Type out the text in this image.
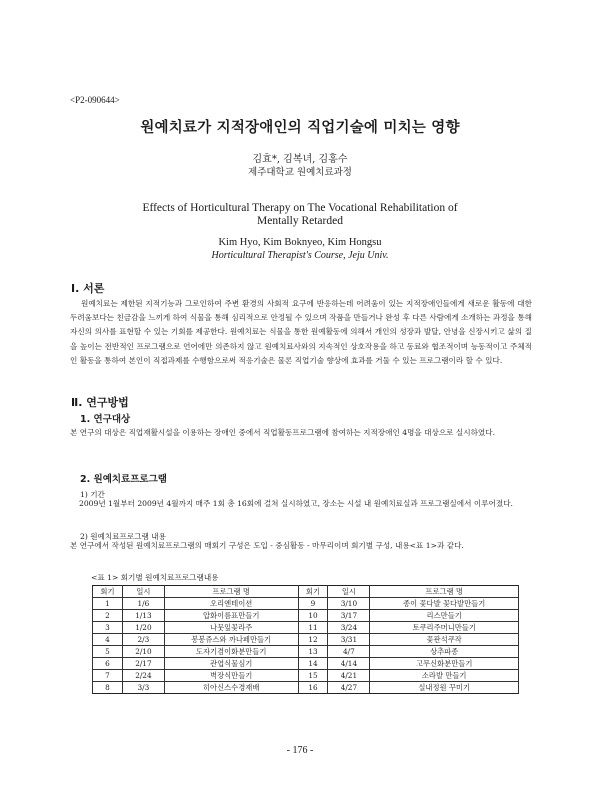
<P2-090644>
원예치료가 지적장애인의 직업기술에 미치는 영향
김효*, 김복녀, 김홍수
제주대학교 원예치료과정
Effects of Horticultural Therapy on The Vocational Rehabilitation of
Mentally Retarded
Kim Hyo, Kim Boknyeo, Kim Hongsu
Horticultural Therapist's Course, Jeju Univ.
Ⅰ. 서론
원예치료는 제한된 지적기능과 그로인하여 주변 환경의 사회적 요구에 반응하는데 어려움이 있는 지적장애인들에게 새로운 활동에 대한 두려움보다는 친금감을 느끼게 하여 식물을 통해 심리적으로 안정될 수 있으며 작품을 만들거나 완성 후 다른 사람에게 소개하는 과정을 통해 자신의 의사를 표현할 수 있는 기회를 제공한다. 원예치료는 식물을 통한 원예활동에 의해서 개인의 성장과 발달, 안녕을 신장시키고 삶의 질을 높이는 전반적인 프로그램으로 언어에만 의존하지 않고 원예치료사와의 지속적인 상호작용을 하고 동료와 협조적이며 능동적이고 주체적인 활동을 통하여 본인이 직접과제를 수행함으로써 적응기술은 물론 직업기술 향상에 효과를 거둘 수 있는 프로그램이라 할 수 있다.
Ⅱ. 연구방법
1. 연구대상
본 연구의 대상은 직업재활시설을 이용하는 장애인 중에서 직업활동프로그램에 참여하는 지적장애인 4명을 대상으로 실시하였다.
2. 원예치료프로그램
1) 기간
2009년 1월부터 2009년 4월까지 매주 1회 총 16회에 걸쳐 실시하였고, 장소는 시설 내 원예치료실과 프로그램실에서 이루어졌다.
2) 원예치료프로그램 내용
본 연구에서 작성된 원예치료프로그램의 매회기 구성은 도입 - 중심활동 - 마무리이며 회기별 구성, 내용<표 1>과 같다.
<표 1> 회기별 원예치료프로그램내용
회기	일시	프로그램 명	회기	일시	프로그램 명
1	1/6	오리엔테이션	9	3/10	종이 꽃다발 꽃다발만들기
2	1/13	압화이름표만들기	10	3/17	리스만들기
3	1/20	나뭇잎꽃라주	11	3/24	토쿠리주머니만들기
4	2/3	봉봉쥬스와 까나페만들기	12	3/31	꽃판석쿠작
5	2/10	도자기겸이화분만들기	13	4/7	상추파종
6	2/17	관엽식물심기	14	4/14	고무신화분만들기
7	2/24	벽장식만들기	15	4/21	소라발 만들기
8	3/3	히아신스수경재배	16	4/27	실내정원 꾸미기
- 176 -
